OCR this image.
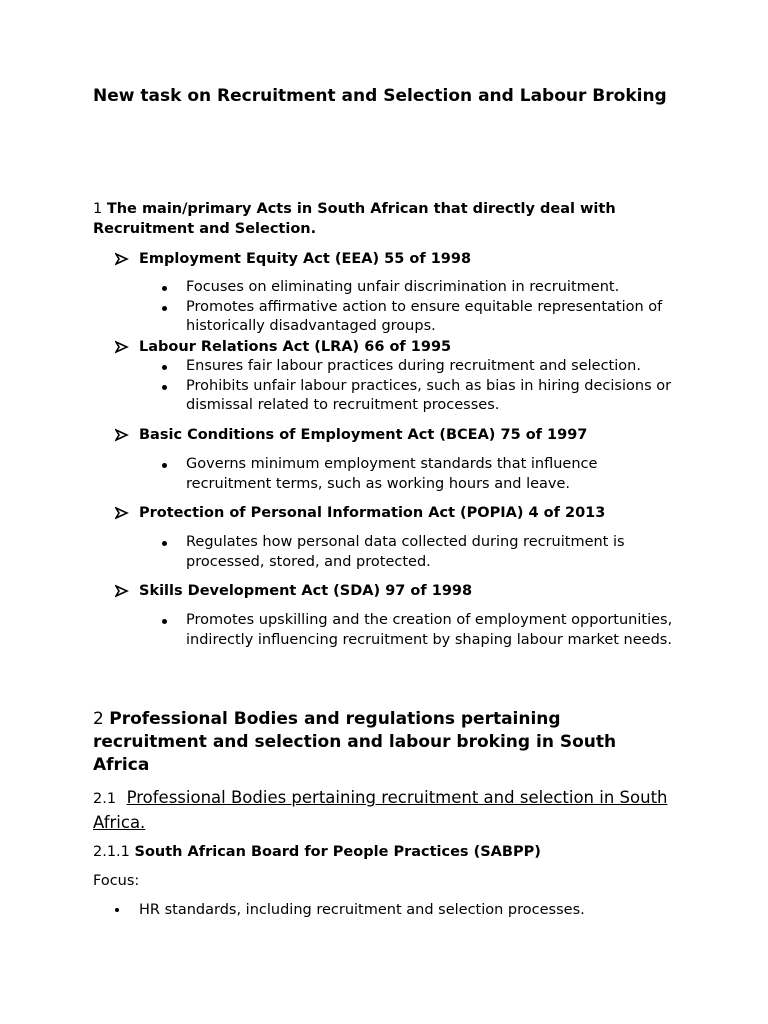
New task on Recruitment and Selection and Labour Broking
1 The main/primary Acts in South African that directly deal with Recruitment and Selection.
Employment Equity Act (EEA) 55 of 1998
Focuses on eliminating unfair discrimination in recruitment.
Promotes affirmative action to ensure equitable representation of historically disadvantaged groups.
Labour Relations Act (LRA) 66 of 1995
Ensures fair labour practices during recruitment and selection.
Prohibits unfair labour practices, such as bias in hiring decisions or dismissal related to recruitment processes.
Basic Conditions of Employment Act (BCEA) 75 of 1997
Governs minimum employment standards that influence recruitment terms, such as working hours and leave.
Protection of Personal Information Act (POPIA) 4 of 2013
Regulates how personal data collected during recruitment is processed, stored, and protected.
Skills Development Act (SDA) 97 of 1998
Promotes upskilling and the creation of employment opportunities, indirectly influencing recruitment by shaping labour market needs.
2 Professional Bodies and regulations pertaining recruitment and selection and labour broking in South Africa
2.1 Professional Bodies pertaining recruitment and selection in South Africa.
2.1.1 South African Board for People Practices (SABPP)
Focus:
HR standards, including recruitment and selection processes.
